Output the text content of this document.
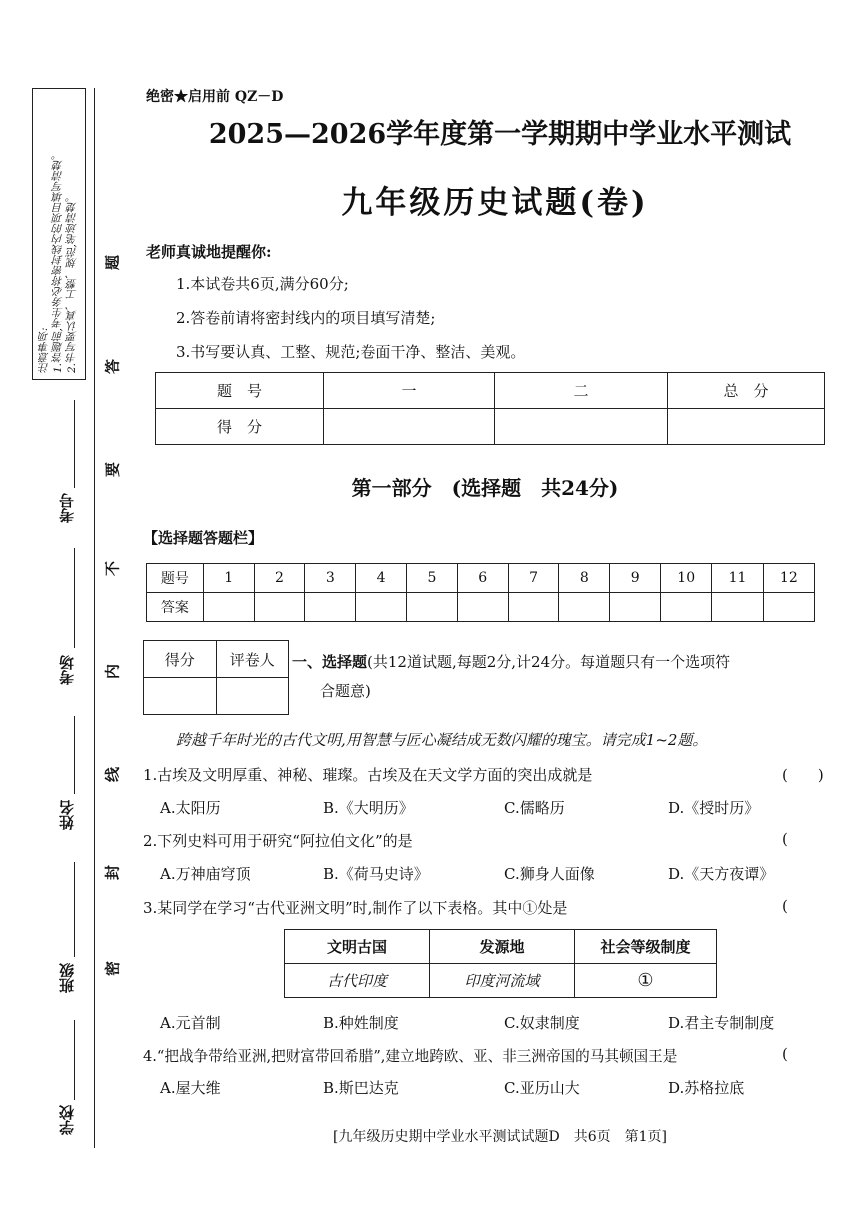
注意事项: 1.答题前,考生务必将密封线内的项目填写清楚。 2.书写要认真、工整、规范,笔迹清楚。 题
答
要
不
内
线
封
密
考号
考场
姓名
班级
学校
绝密★启用前 QZ－D
2025—2026学年度第一学期期中学业水平测试
九年级历史试题(卷)
老师真诚地提醒你:
1.本试卷共6页,满分60分;
2.答卷前请将密封线内的项目填写清楚;
3.书写要认真、工整、规范;卷面干净、整洁、美观。
题　号	一	二	总　分
得　分			
第一部分　(选择题　共24分)
【选择题答题栏】
题号	1	2	3	4	5	6	7	8	9	10	11	12
答案												
得分	评卷人
	一、选择题(共12道试题,每题2分,计24分。每道题只有一个选项符
合题意)
跨越千年时光的古代文明,用智慧与匠心凝结成无数闪耀的瑰宝。请完成1~2题。
1.古埃及文明厚重、神秘、璀璨。古埃及在天文学方面的突出成就是	(　　)
A.太阳历	B.《大明历》	C.儒略历	D.《授时历》
2.下列史料可用于研究“阿拉伯文化”的是	(
A.万神庙穹顶	B.《荷马史诗》	C.狮身人面像	D.《天方夜谭》
3.某同学在学习“古代亚洲文明”时,制作了以下表格。其中①处是	(
文明古国	发源地	社会等级制度
古代印度	印度河流域	①
A.元首制	B.种姓制度	C.奴隶制度	D.君主专制制度
4.“把战争带给亚洲,把财富带回希腊”,建立地跨欧、亚、非三洲帝国的马其顿国王是	(
A.屋大维	B.斯巴达克	C.亚历山大	D.苏格拉底
[九年级历史期中学业水平测试试题D　共6页　第1页]
